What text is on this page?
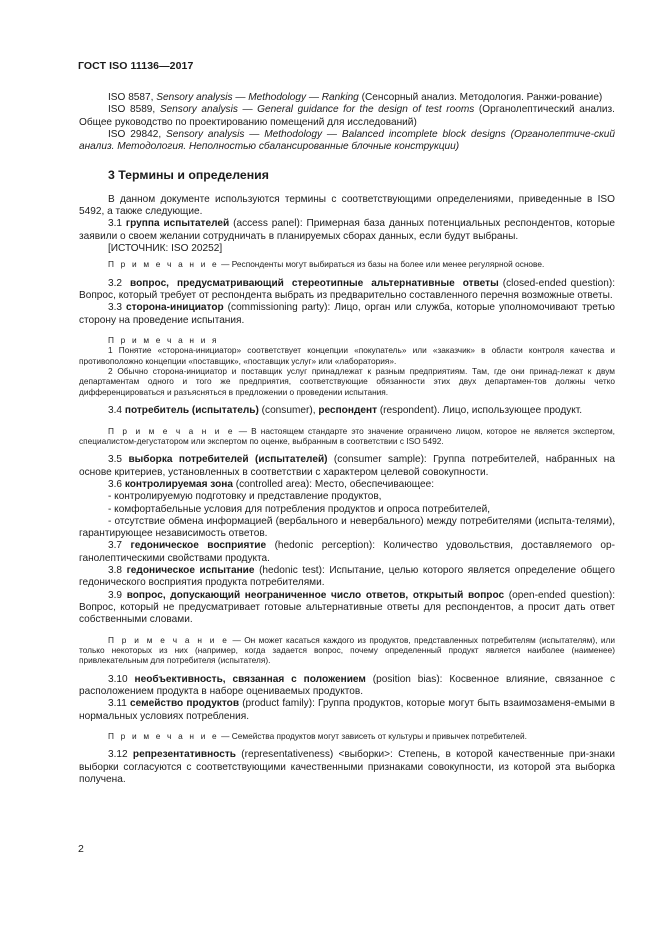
ГОСТ ISO 11136—2017
ISO 8587, Sensory analysis — Methodology — Ranking (Сенсорный анализ. Методология. Ранжи-рование)
ISO 8589, Sensory analysis — General guidance for the design of test rooms (Органолептический анализ. Общее руководство по проектированию помещений для исследований)
ISO 29842, Sensory analysis — Methodology — Balanced incomplete block designs (Органолептиче-ский анализ. Методология. Неполностью сбалансированные блочные конструкции)
3 Термины и определения
В данном документе используются термины с соответствующими определениями, приведенные в ISO 5492, а также следующие.
3.1 группа испытателей (access panel): Примерная база данных потенциальных респондентов, которые заявили о своем желании сотрудничать в планируемых сборах данных, если будут выбраны.
[ИСТОЧНИК: ISO 20252]
П р и м е ч а н и е — Респонденты могут выбираться из базы на более или менее регулярной основе.
3.2 вопрос, предусматривающий стереотипные альтернативные ответы (closed-ended question): Вопрос, который требует от респондента выбрать из предварительно составленного перечня возможные ответы.
3.3 сторона-инициатор (commissioning party): Лицо, орган или служба, которые уполномочивают третью сторону на проведение испытания.
П р и м е ч а н и я
1 Понятие «сторона-инициатор» соответствует концепции «покупатель» или «заказчик» в области контроля качества и противоположно концепции «поставщик», «поставщик услуг» или «лаборатория».
2 Обычно сторона-инициатор и поставщик услуг принадлежат к разным предприятиям. Там, где они принад-лежат к двум департаментам одного и того же предприятия, соответствующие обязанности этих двух департамен-тов должны четко дифференцироваться и разъясняться в предложении о проведении испытания.
3.4 потребитель (испытатель) (consumer), респондент (respondent). Лицо, использующее продукт.
П р и м е ч а н и е — В настоящем стандарте это значение ограничено лицом, которое не является экспертом, специалистом-дегустатором или экспертом по оценке, выбранным в соответствии с ISO 5492.
3.5 выборка потребителей (испытателей) (consumer sample): Группа потребителей, набранных на основе критериев, установленных в соответствии с характером целевой совокупности.
3.6 контролируемая зона (controlled area): Место, обеспечивающее:
- контролируемую подготовку и представление продуктов,
- комфортабельные условия для потребления продуктов и опроса потребителей,
- отсутствие обмена информацией (вербального и невербального) между потребителями (испыта-телями), гарантирующее независимость ответов.
3.7 гедоническое восприятие (hedonic perception): Количество удовольствия, доставляемого ор-ганолептическими свойствами продукта.
3.8 гедоническое испытание (hedonic test): Испытание, целью которого является определение общего гедонического восприятия продукта потребителями.
3.9 вопрос, допускающий неограниченное число ответов, открытый вопрос (open-ended question): Вопрос, который не предусматривает готовые альтернативные ответы для респондентов, а просит дать ответ собственными словами.
П р и м е ч а н и е — Он может касаться каждого из продуктов, представленных потребителям (испытателям), или только некоторых из них (например, когда задается вопрос, почему определенный продукт является наиболее (наименее) привлекательным для потребителя (испытателя).
3.10 необъективность, связанная с положением (position bias): Косвенное влияние, связанное с расположением продукта в наборе оцениваемых продуктов.
3.11 семейство продуктов (product family): Группа продуктов, которые могут быть взаимозаменя-емыми в нормальных условиях потребления.
П р и м е ч а н и е — Семейства продуктов могут зависеть от культуры и привычек потребителей.
3.12 репрезентативность (representativeness) <выборки>: Степень, в которой качественные при-знаки выборки согласуются с соответствующими качественными признаками совокупности, из которой эта выборка получена.
2
